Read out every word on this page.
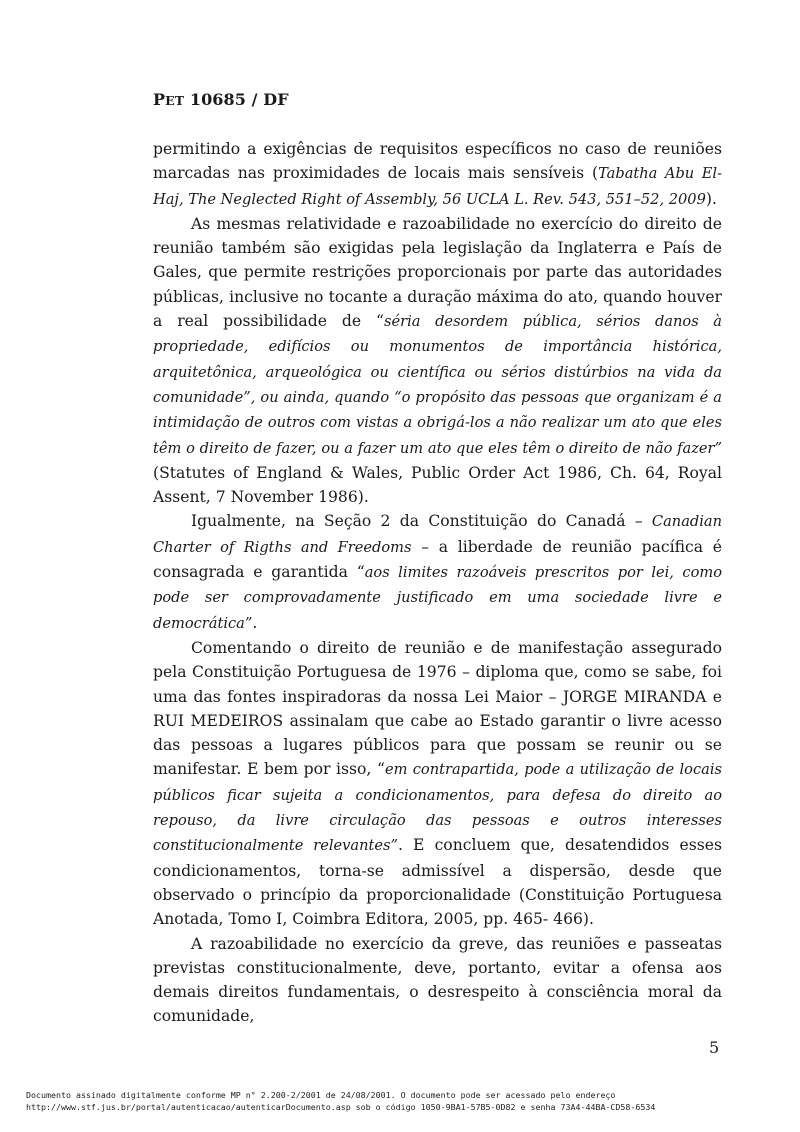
PET 10685 / DF

permitindo a exigências de requisitos específicos no caso de reuniões marcadas nas proximidades de locais mais sensíveis (Tabatha Abu El-Haj, The Neglected Right of Assembly, 56 UCLA L. Rev. 543, 551–52, 2009).

As mesmas relatividade e razoabilidade no exercício do direito de reunião também são exigidas pela legislação da Inglaterra e País de Gales, que permite restrições proporcionais por parte das autoridades públicas, inclusive no tocante a duração máxima do ato, quando houver a real possibilidade de “séria desordem pública, sérios danos à propriedade, edifícios ou monumentos de importância histórica, arquitetônica, arqueológica ou científica ou sérios distúrbios na vida da comunidade”, ou ainda, quando “o propósito das pessoas que organizam é a intimidação de outros com vistas a obrigá-los a não realizar um ato que eles têm o direito de fazer, ou a fazer um ato que eles têm o direito de não fazer” (Statutes of England & Wales, Public Order Act 1986, Ch. 64, Royal Assent, 7 November 1986).

Igualmente, na Seção 2 da Constituição do Canadá – Canadian Charter of Rigths and Freedoms – a liberdade de reunião pacífica é consagrada e garantida “aos limites razoáveis prescritos por lei, como pode ser comprovadamente justificado em uma sociedade livre e democrática”.

Comentando o direito de reunião e de manifestação assegurado pela Constituição Portuguesa de 1976 – diploma que, como se sabe, foi uma das fontes inspiradoras da nossa Lei Maior – JORGE MIRANDA e RUI MEDEIROS assinalam que cabe ao Estado garantir o livre acesso das pessoas a lugares públicos para que possam se reunir ou se manifestar. E bem por isso, “em contrapartida, pode a utilização de locais públicos ficar sujeita a condicionamentos, para defesa do direito ao repouso, da livre circulação das pessoas e outros interesses constitucionalmente relevantes”. E concluem que, desatendidos esses condicionamentos, torna-se admissível a dispersão, desde que observado o princípio da proporcionalidade (Constituição Portuguesa Anotada, Tomo I, Coimbra Editora, 2005, pp. 465- 466).

A razoabilidade no exercício da greve, das reuniões e passeatas previstas constitucionalmente, deve, portanto, evitar a ofensa aos demais direitos fundamentais, o desrespeito à consciência moral da comunidade,

5
Documento assinado digitalmente conforme MP n° 2.200-2/2001 de 24/08/2001. O documento pode ser acessado pelo endereço
http://www.stf.jus.br/portal/autenticacao/autenticarDocumento.asp sob o código 1050-9BA1-57B5-0D82 e senha 73A4-44BA-CD58-6534
